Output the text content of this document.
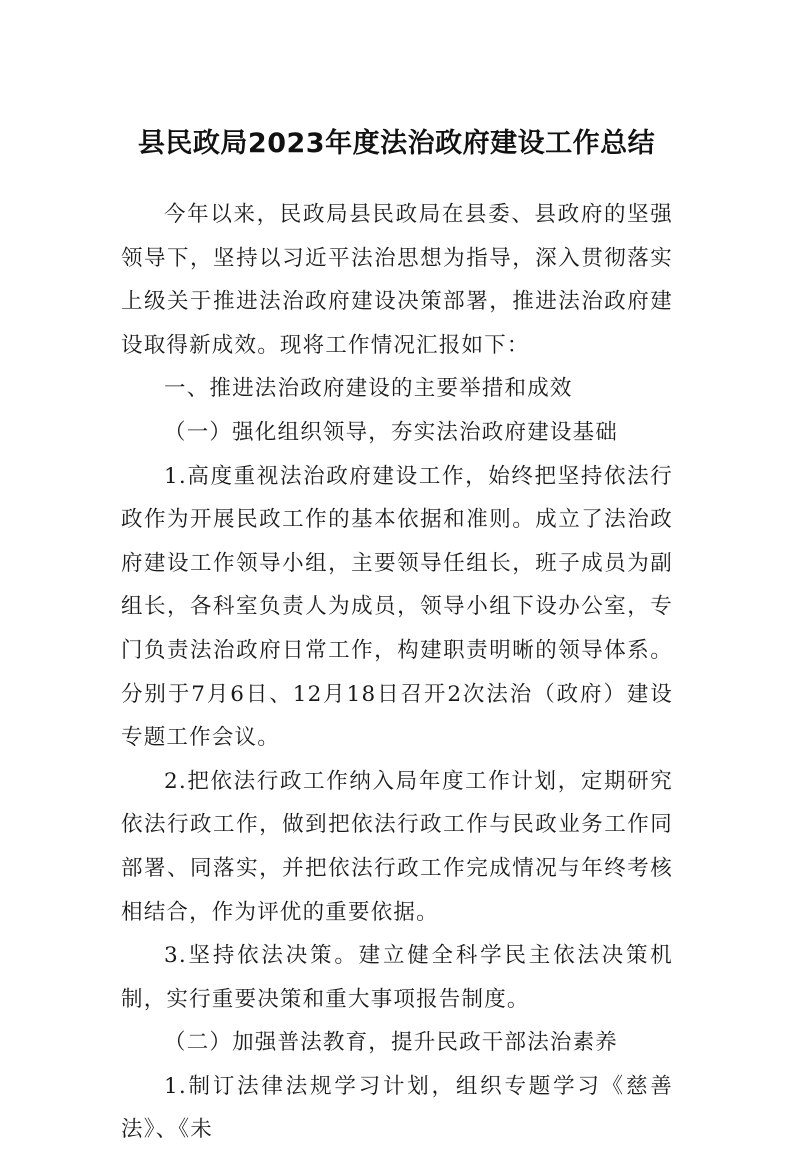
县民政局2023年度法治政府建设工作总结

今年以来，民政局县民政局在县委、县政府的坚强领导下，坚持以习近平法治思想为指导，深入贯彻落实上级关于推进法治政府建设决策部署，推进法治政府建设取得新成效。现将工作情况汇报如下：

一、推进法治政府建设的主要举措和成效

（一）强化组织领导，夯实法治政府建设基础

1.高度重视法治政府建设工作，始终把坚持依法行政作为开展民政工作的基本依据和准则。成立了法治政府建设工作领导小组，主要领导任组长，班子成员为副组长，各科室负责人为成员，领导小组下设办公室，专门负责法治政府日常工作，构建职责明晰的领导体系。分别于7月6日、12月18日召开2次法治（政府）建设专题工作会议。

2.把依法行政工作纳入局年度工作计划，定期研究依法行政工作，做到把依法行政工作与民政业务工作同部署、同落实，并把依法行政工作完成情况与年终考核相结合，作为评优的重要依据。

3.坚持依法决策。建立健全科学民主依法决策机制，实行重要决策和重大事项报告制度。

（二）加强普法教育，提升民政干部法治素养

1.制订法律法规学习计划，组织专题学习《慈善法》、《未
